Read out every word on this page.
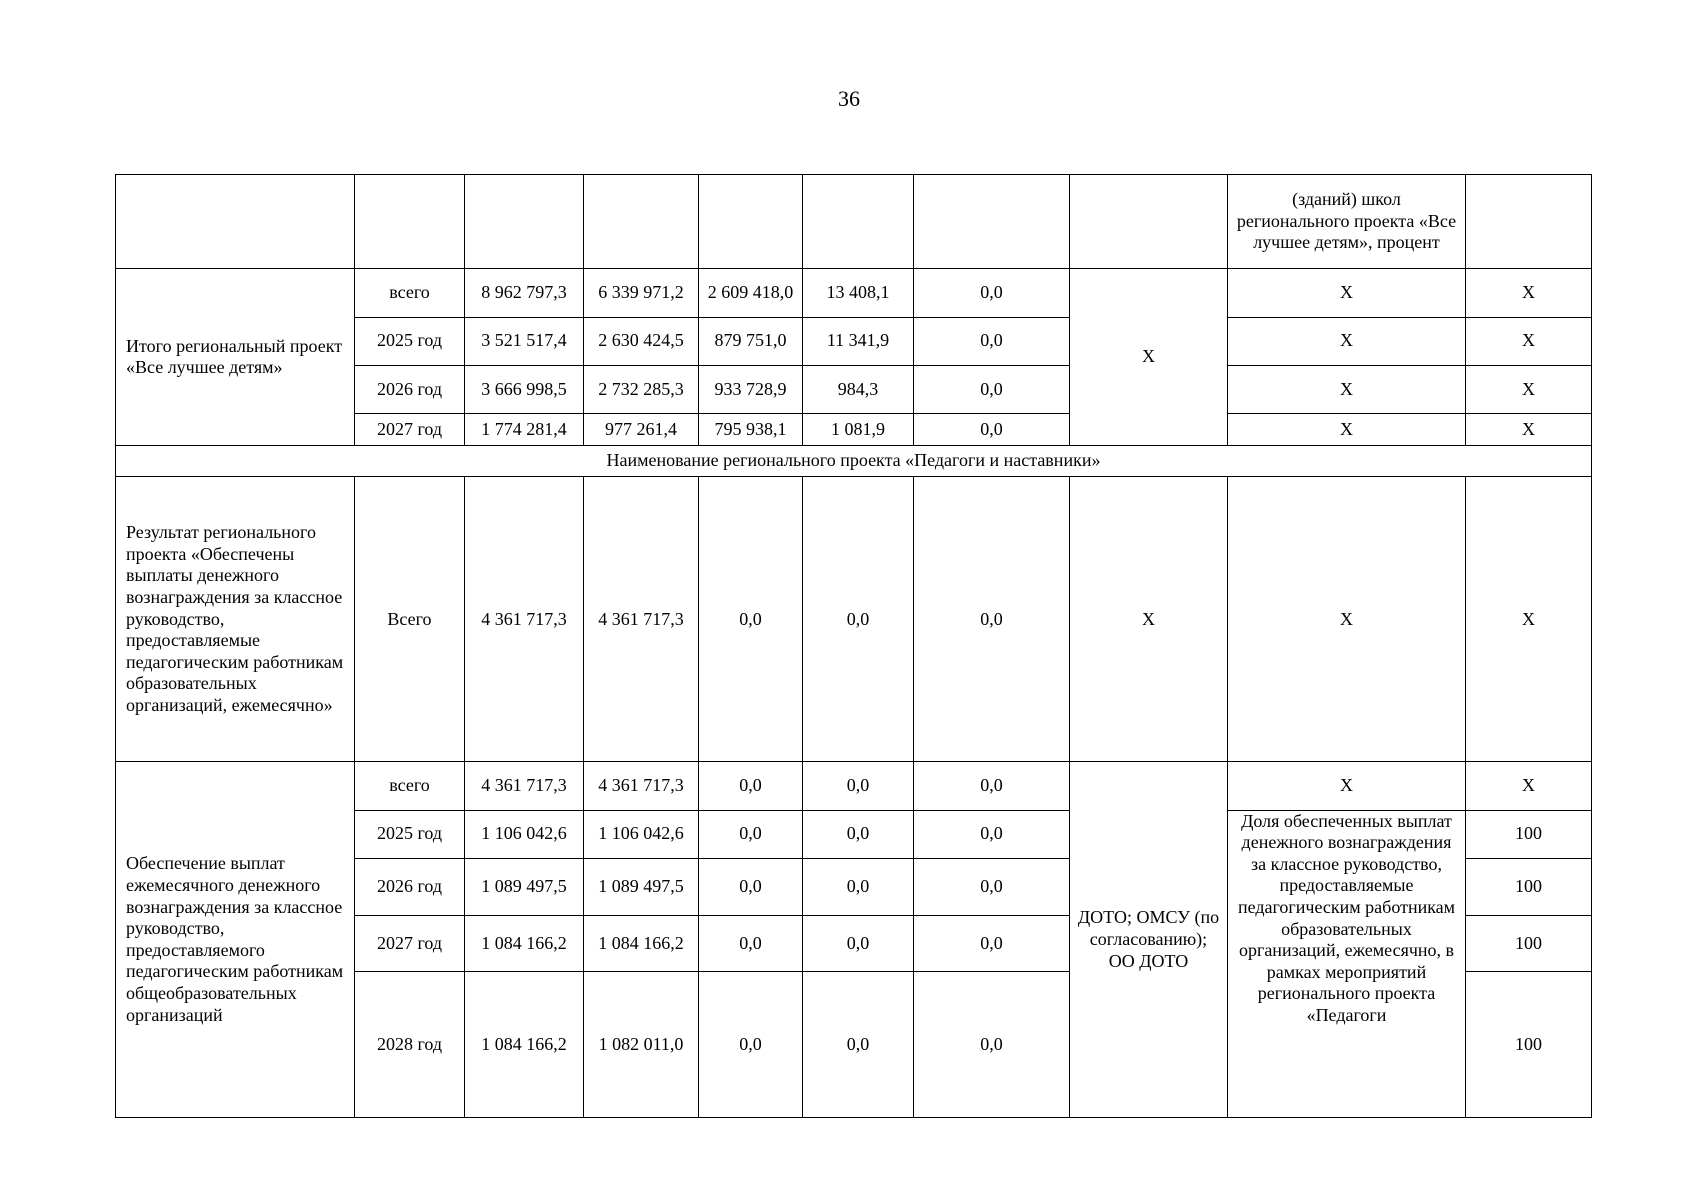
36
								(зданий) школ регионального проекта «Все лучшее детям», процент	
Итого региональный проект «Все лучшее детям»	всего	8 962 797,3	6 339 971,2	2 609 418,0	13 408,1	0,0	X	X	X
	2025 год	3 521 517,4	2 630 424,5	879 751,0	11 341,9	0,0		X	X
	2026 год	3 666 998,5	2 732 285,3	933 728,9	984,3	0,0		X	X
	2027 год	1 774 281,4	977 261,4	795 938,1	1 081,9	0,0		X	X
Наименование регионального проекта «Педагоги и наставники»									
Результат регионального проекта «Обеспечены выплаты денежного вознаграждения за классное руководство, предоставляемые педагогическим работникам образовательных организаций, ежемесячно»	Всего	4 361 717,3	4 361 717,3	0,0	0,0	0,0	X	X	X
Обеспечение выплат ежемесячного денежного вознаграждения за классное руководство, предоставляемого педагогическим работникам общеобразовательных организаций	всего	4 361 717,3	4 361 717,3	0,0	0,0	0,0	ДОТО; ОМСУ (по согласованию); ОО ДОТО	X	X
	2025 год	1 106 042,6	1 106 042,6	0,0	0,0	0,0		Доля обеспеченных выплат денежного вознаграждения за классное руководство, предоставляемые педагогическим работникам образовательных организаций, ежемесячно, в рамках мероприятий регионального проекта «Педагоги	100
	2026 год	1 089 497,5	1 089 497,5	0,0	0,0	0,0			100
	2027 год	1 084 166,2	1 084 166,2	0,0	0,0	0,0			100
	2028 год	1 084 166,2	1 082 011,0	0,0	0,0	0,0			100
